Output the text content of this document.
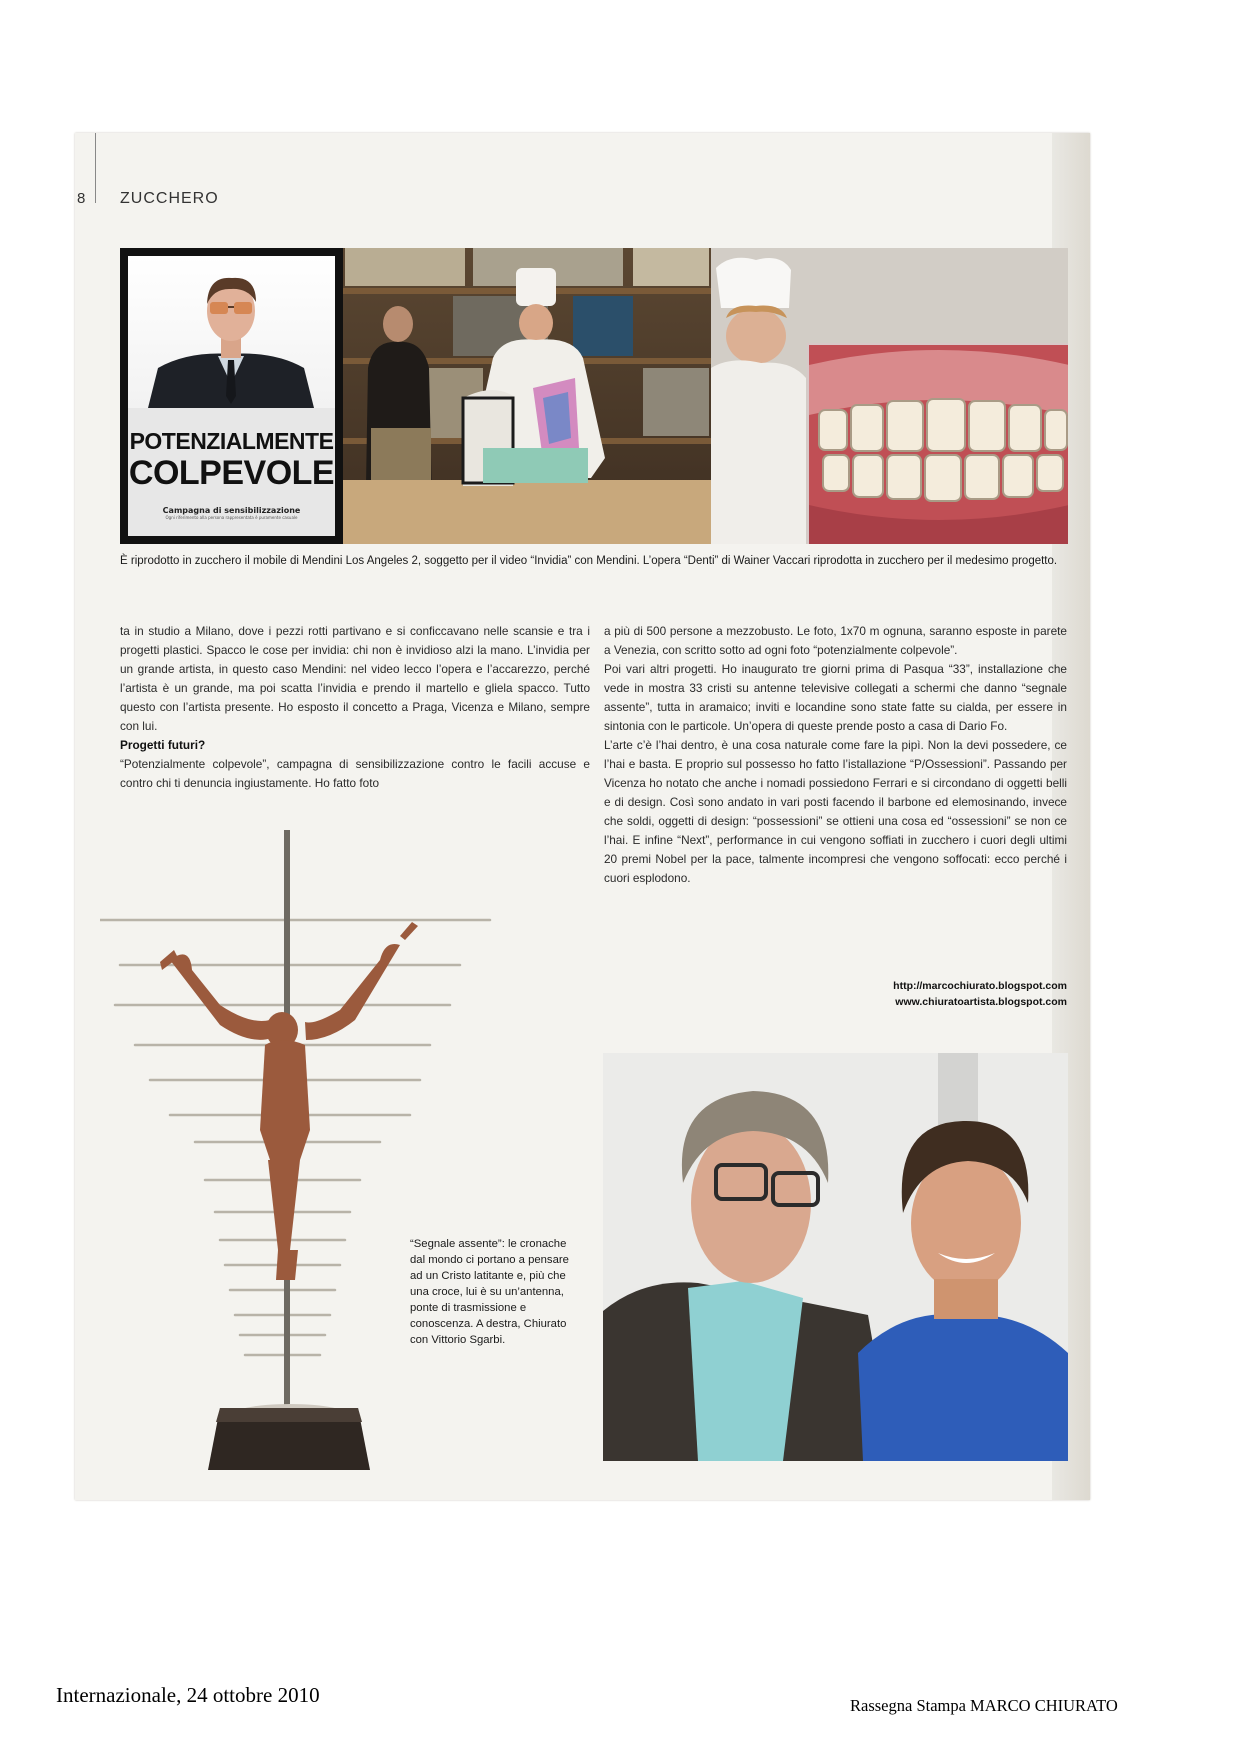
8 ZUCCHERO
POTENZIALMENTE
COLPEVOLE
Campagna di sensibilizzazione
Ogni riferimento alla persona rappresentata è puramente casuale
È riprodotto in zucchero il mobile di Mendini Los Angeles 2, soggetto per il video “Invidia” con Mendini. L’opera “Denti” di Wainer Vaccari riprodotta in zucchero per il medesimo progetto.

ta in studio a Milano, dove i pezzi rotti partivano e si conficcavano nelle scansie e tra i progetti plastici. Spacco le cose per invidia: chi non è invidioso alzi la mano. L’invidia per un grande artista, in questo caso Mendini: nel video lecco l’opera e l’accarezzo, perché l’artista è un grande, ma poi scatta l’invidia e prendo il martello e gliela spacco. Tutto questo con l’artista presente. Ho esposto il concetto a Praga, Vicenza e Milano, sempre con lui.

Progetti futuri?

“Potenzialmente colpevole”, campagna di sensibilizzazione contro le facili accuse e contro chi ti denuncia ingiustamente. Ho fatto foto

a più di 500 persone a mezzobusto. Le foto, 1x70 m ognuna, saranno esposte in parete a Venezia, con scritto sotto ad ogni foto “potenzialmente colpevole”.

Poi vari altri progetti. Ho inaugurato tre giorni prima di Pasqua “33”, installazione che vede in mostra 33 cristi su antenne televisive collegati a schermi che danno “segnale assente”, tutta in aramaico; inviti e locandine sono state fatte su cialda, per essere in sintonia con le particole. Un’opera di queste prende posto a casa di Dario Fo.

L’arte c’è l’hai dentro, è una cosa naturale come fare la pipì. Non la devi possedere, ce l’hai e basta. E proprio sul possesso ho fatto l’istallazione “P/Ossessioni”. Passando per Vicenza ho notato che anche i nomadi possiedono Ferrari e si circondano di oggetti belli e di design. Così sono andato in vari posti facendo il barbone ed elemosinando, invece che soldi, oggetti di design: “possessioni” se ottieni una cosa ed “ossessioni” se non ce l’hai. E infine “Next”, performance in cui vengono soffiati in zucchero i cuori degli ultimi 20 premi Nobel per la pace, talmente incompresi che vengono soffocati: ecco perché i cuori esplodono.

http://marcochiurato.blogspot.com
www.chiuratoartista.blogspot.com
“Segnale assente”: le cronache dal mondo ci portano a pensare ad un Cristo latitante e, più che una croce, lui è su un’antenna, ponte di trasmissione e conoscenza. A destra, Chiurato con Vittorio Sgarbi.
Internazionale, 24 ottobre 2010	Rassegna Stampa MARCO CHIURATO
